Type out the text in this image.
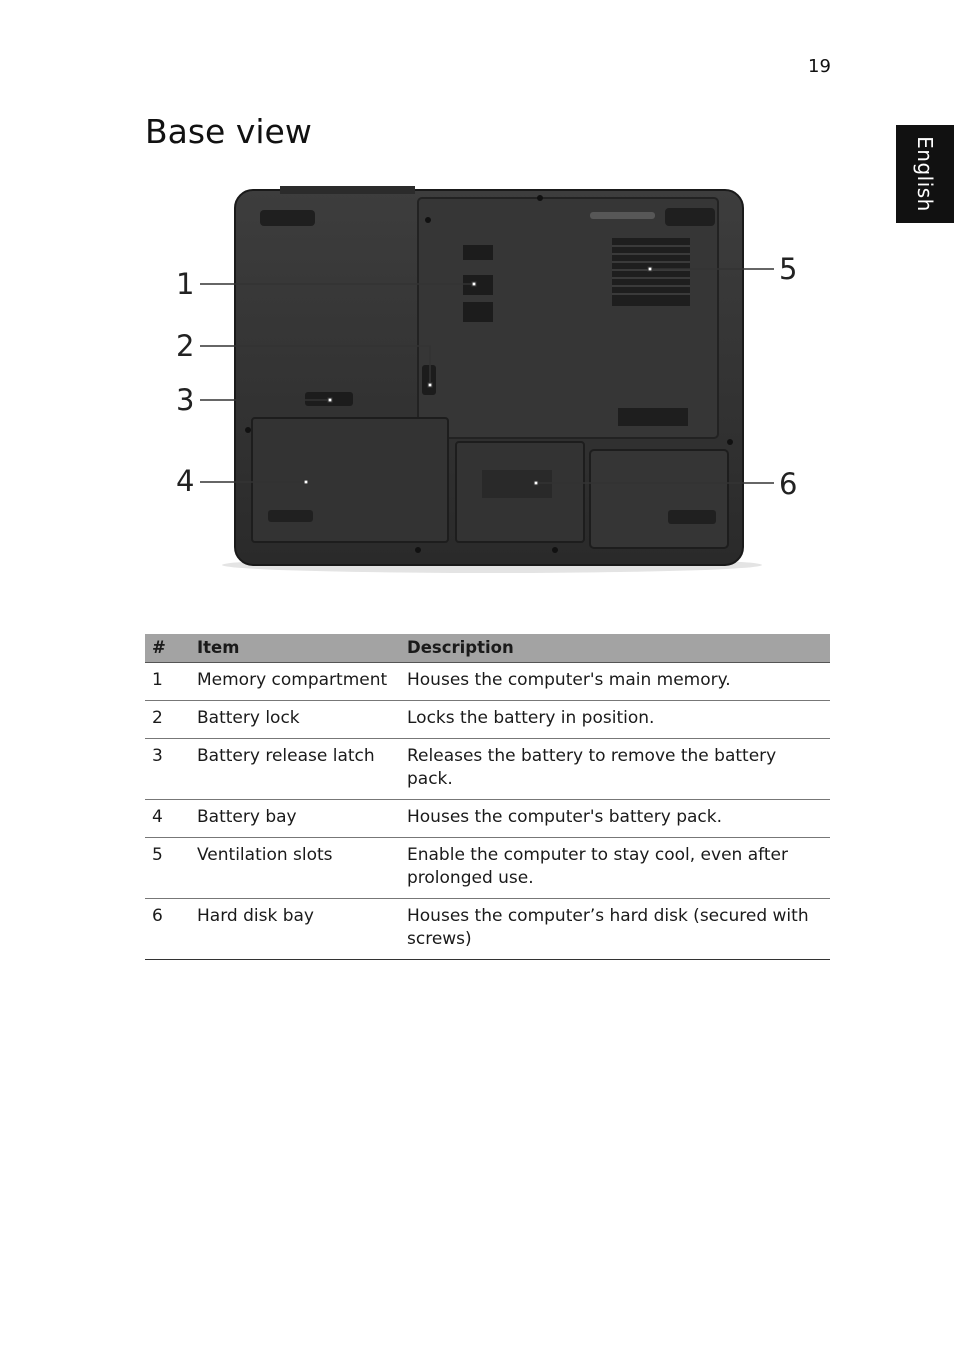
19
English
Base view
1
2
3
4
5
6
#	Item	Description
1	Memory compartment	Houses the computer's main memory.
2	Battery lock	Locks the battery in position.
3	Battery release latch	Releases the battery to remove the battery pack.
4	Battery bay	Houses the computer's battery pack.
5	Ventilation slots	Enable the computer to stay cool, even after prolonged use.
6	Hard disk bay	Houses the computer’s hard disk (secured with screws)
